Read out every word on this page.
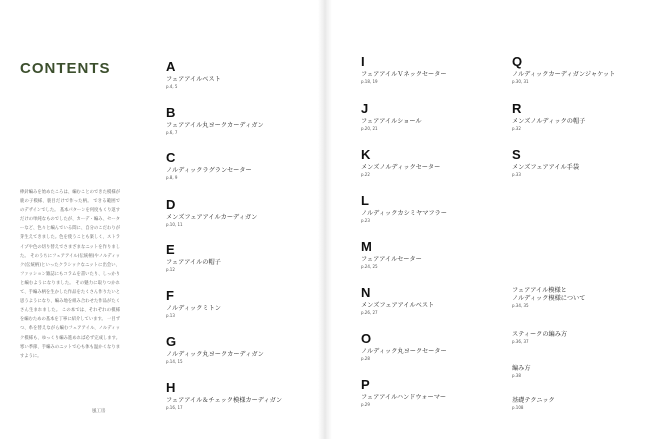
CONTENTS

棒針編みを始めたころは、編むことのできた模様が鹿の子模様、裏目だけで作った柄。 できる範囲でのデザインでした。 基本パターンを何度もくり返すだけの単純なものでしたが、カーデ・編み、セーターなど、色々と編んでいる間に、自分のこだわりが芽生えてきました。色を使うことも楽しく、ストライプや色の切り替えでさまざまなニットを作りました。 そのうちにフェアアイル(伝統柄)やノルディック(伝統柄)といったクラシックなニットに出会い、ファッション雑誌にもコラムを書いたり、しっかりと編むようになりました。 その魅力に取りつかれて、手編み柄を生かした作品をたくさん作りたいと思うようになり、編み地を組み合わせた作品がたくさん生まれました。 この本では、それぞれの模様を編むための基本を丁寧に紹介しています。 一目ずつ、糸を替えながら編むフェアアイル、ノルディック模様も、ゆっくり編み進めれば必ず完成します。 寒い季節、手編みのニットで心も体も温かくなりますように。

風工房
A
フェアアイルベスト
p.4, 5
B
フェアアイル丸ヨークカーディガン
p.6, 7
C
ノルディックラグランセーター
p.8, 9
D
メンズフェアアイルカーディガン
p.10, 11
E
フェアアイルの帽子
p.12
F
ノルディックミトン
p.13
G
ノルディック丸ヨークカーディガン
p.14, 15
H
フェアアイル＆チェック模様カーディガン
p.16, 17
I
フェアアイルＶネックセーター
p.18, 19
J
フェアアイルショール
p.20, 21
K
メンズノルディックセーター
p.22
L
ノルディックカシミヤマフラー
p.23
M
フェアアイルセーター
p.24, 25
N
メンズフェアアイルベスト
p.26, 27
O
ノルディック丸ヨークセーター
p.28
P
フェアアイルハンドウォーマー
p.29
Q
ノルディックカーディガンジャケット
p.30, 31
R
メンズノルディックの帽子
p.32
S
メンズフェアアイル手袋
p.33
フェアアイル模様と
ノルディック模様について
p.34, 35
スティークの編み方
p.36, 37
編み方
p.38
基礎テクニック
p.108
